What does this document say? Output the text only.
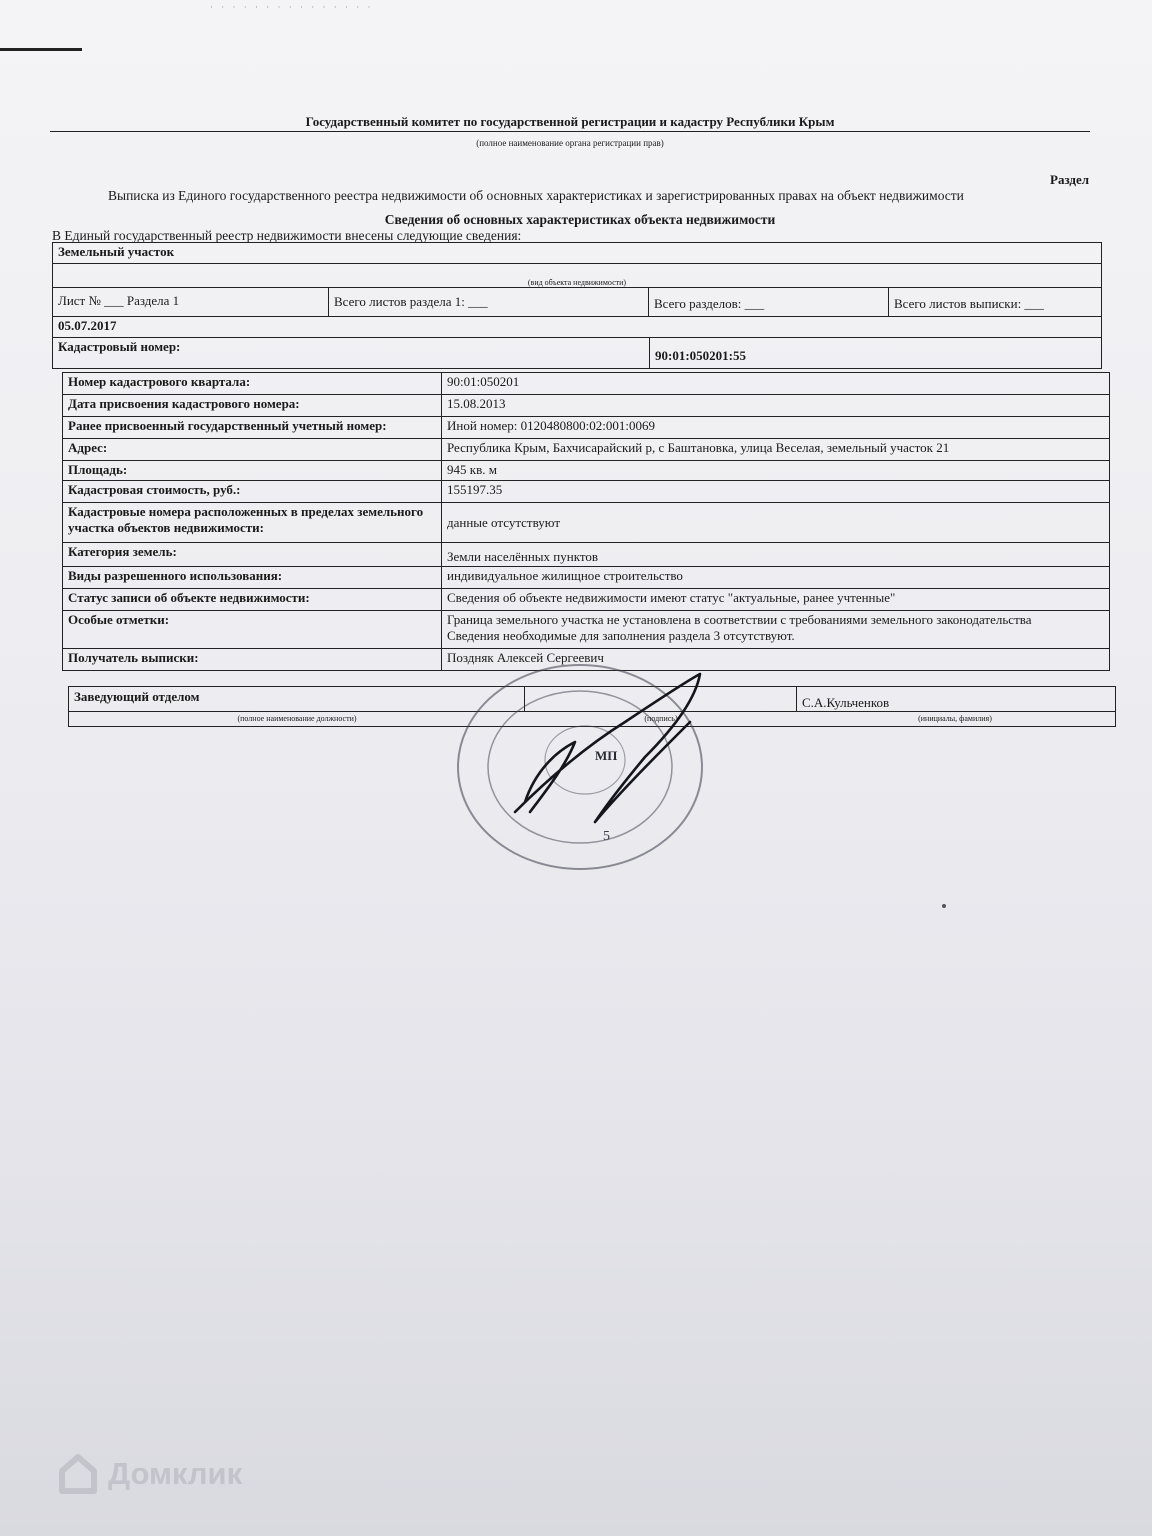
· · · · · · · · · · · · · · ·
Государственный комитет по государственной регистрации и кадастру Республики Крым
(полное наименование органа регистрации прав)
Раздел
Выписка из Единого государственного реестра недвижимости об основных характеристиках и зарегистрированных правах на объект недвижимости
Сведения об основных характеристиках объекта недвижимости
В Единый государственный реестр недвижимости внесены следующие сведения:
Земельный участок
(вид объекта недвижимости)
Лист № ___ Раздела 1	Всего листов раздела 1: ___	Всего разделов: ___	Всего листов выписки: ___
05.07.2017
Кадастровый номер:
90:01:050201:55
Номер кадастрового квартала:	90:01:050201
Дата присвоения кадастрового номера:	15.08.2013
Ранее присвоенный государственный учетный номер:	Иной номер: 0120480800:02:001:0069
Адрес:	Республика Крым, Бахчисарайский р, с Баштановка, улица Веселая, земельный участок 21
Площадь:	945 кв. м
Кадастровая стоимость, руб.:	155197.35
Кадастровые номера расположенных в пределах земельного участка объектов недвижимости:	данные отсутствуют
Категория земель:	Земли населённых пунктов
Виды разрешенного использования:	индивидуальное жилищное строительство
Статус записи об объекте недвижимости:	Сведения об объекте недвижимости имеют статус "актуальные, ранее учтенные"
Особые отметки:	Граница земельного участка не установлена в соответствии с требованиями земельного законодательства
Сведения необходимые для заполнения раздела 3 отсутствуют.

Получатель выписки:	Поздняк Алексей Сергеевич
Заведующий отделом	С.А.Кульченков
(полное наименование должности)	(подпись)	(инициалы, фамилия)
МП
5
Домклик
